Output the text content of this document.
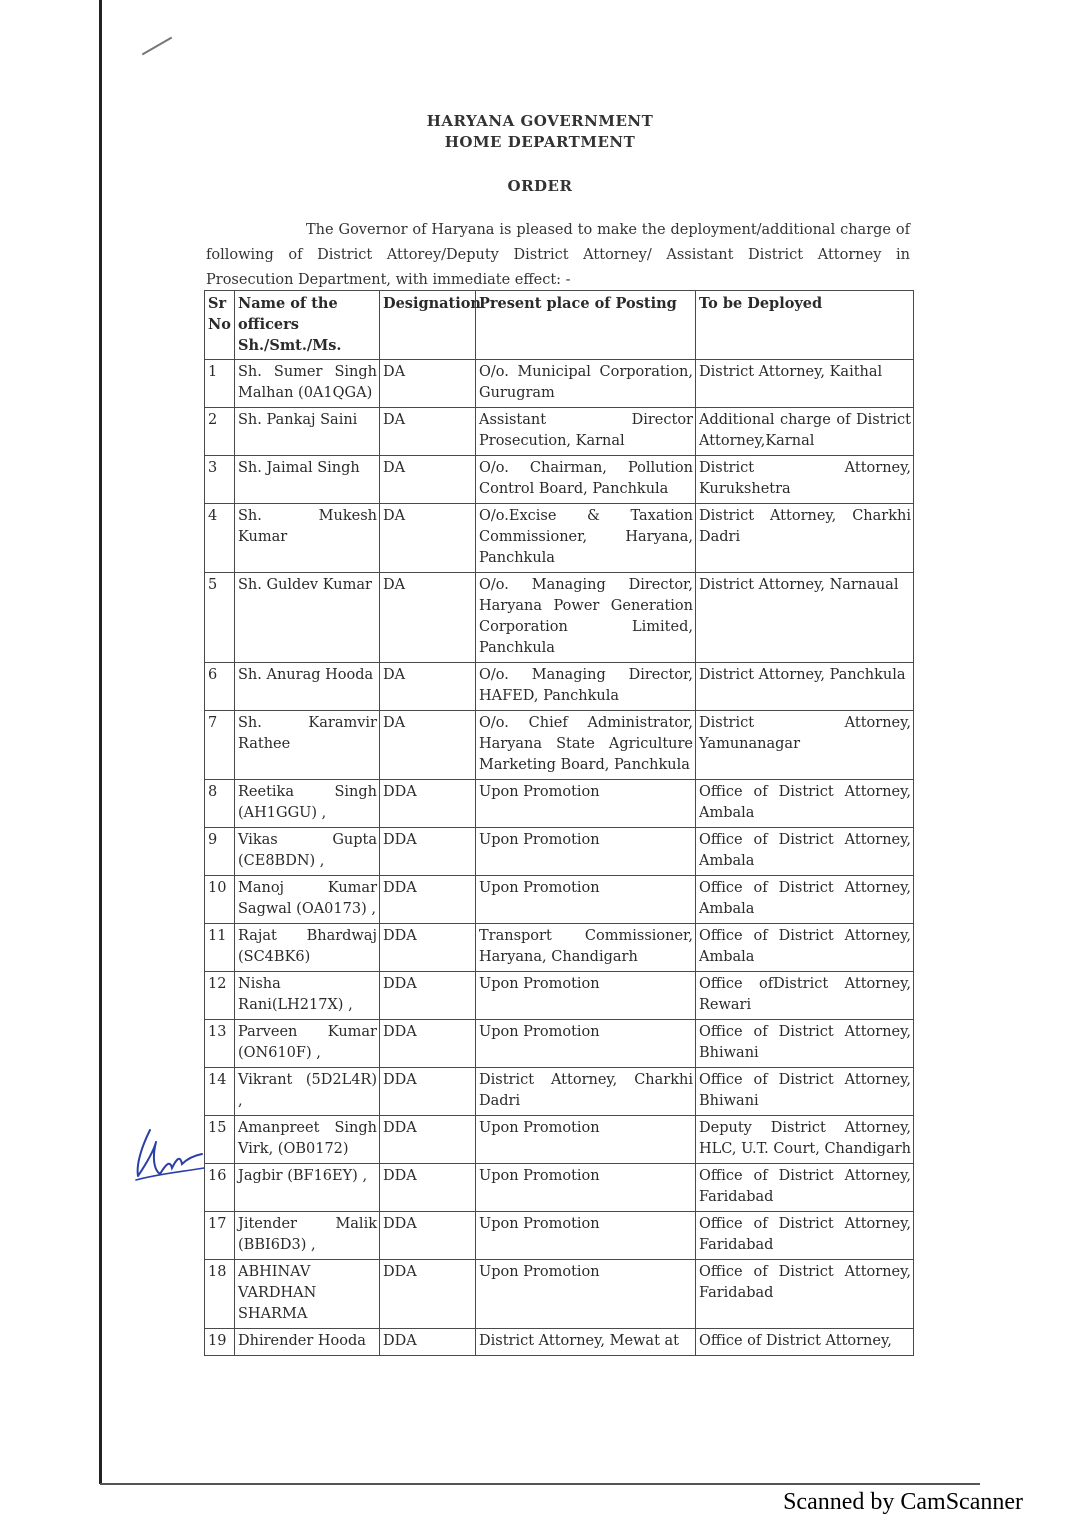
HARYANA GOVERNMENT
HOME DEPARTMENT
ORDER
The Governor of Haryana is pleased to make the deployment/additional charge of following of District Attorey/Deputy District Attorney/ Assistant District Attorney in Prosecution Department, with immediate effect: -
Sr No	Name of the officers Sh./Smt./Ms.	Designation	Present place of Posting	To be Deployed
1	Sh. Sumer Singh Malhan (0A1QGA)	DA	O/o. Municipal Corporation, Gurugram	District Attorney, Kaithal
2	Sh. Pankaj Saini	DA	Assistant Director Prosecution, Karnal	Additional charge of District Attorney,Karnal
3	Sh. Jaimal Singh	DA	O/o. Chairman, Pollution Control Board, Panchkula	District Attorney, Kurukshetra
4	Sh. Mukesh Kumar	DA	O/o.Excise & Taxation Commissioner, Haryana, Panchkula	District Attorney, Charkhi Dadri
5	Sh. Guldev Kumar	DA	O/o. Managing Director, Haryana Power Generation Corporation Limited, Panchkula	District Attorney, Narnaual
6	Sh. Anurag Hooda	DA	O/o. Managing Director, HAFED, Panchkula	District Attorney, Panchkula
7	Sh. Karamvir Rathee	DA	O/o. Chief Administrator, Haryana State Agriculture Marketing Board, Panchkula	District Attorney, Yamunanagar
8	Reetika Singh (AH1GGU) ,	DDA	Upon Promotion	Office of District Attorney, Ambala
9	Vikas Gupta (CE8BDN) ,	DDA	Upon Promotion	Office of District Attorney, Ambala
10	Manoj Kumar Sagwal (OA0173) ,	DDA	Upon Promotion	Office of District Attorney, Ambala
11	Rajat Bhardwaj (SC4BK6)	DDA	Transport Commissioner, Haryana, Chandigarh	Office of District Attorney, Ambala
12	Nisha Rani(LH217X) ,	DDA	Upon Promotion	Office ofDistrict Attorney, Rewari
13	Parveen Kumar (ON610F) ,	DDA	Upon Promotion	Office of District Attorney, Bhiwani
14	Vikrant (5D2L4R) ,	DDA	District Attorney, Charkhi Dadri	Office of District Attorney, Bhiwani
15	Amanpreet Singh Virk, (OB0172)	DDA	Upon Promotion	Deputy District Attorney, HLC, U.T. Court, Chandigarh
16	Jagbir (BF16EY) ,	DDA	Upon Promotion	Office of District Attorney, Faridabad
17	Jitender Malik (BBI6D3) ,	DDA	Upon Promotion	Office of District Attorney, Faridabad
18	ABHINAV VARDHAN SHARMA	DDA	Upon Promotion	Office of District Attorney, Faridabad
19	Dhirender Hooda	DDA	District Attorney, Mewat at	Office of District Attorney,
Scanned by CamScanner
